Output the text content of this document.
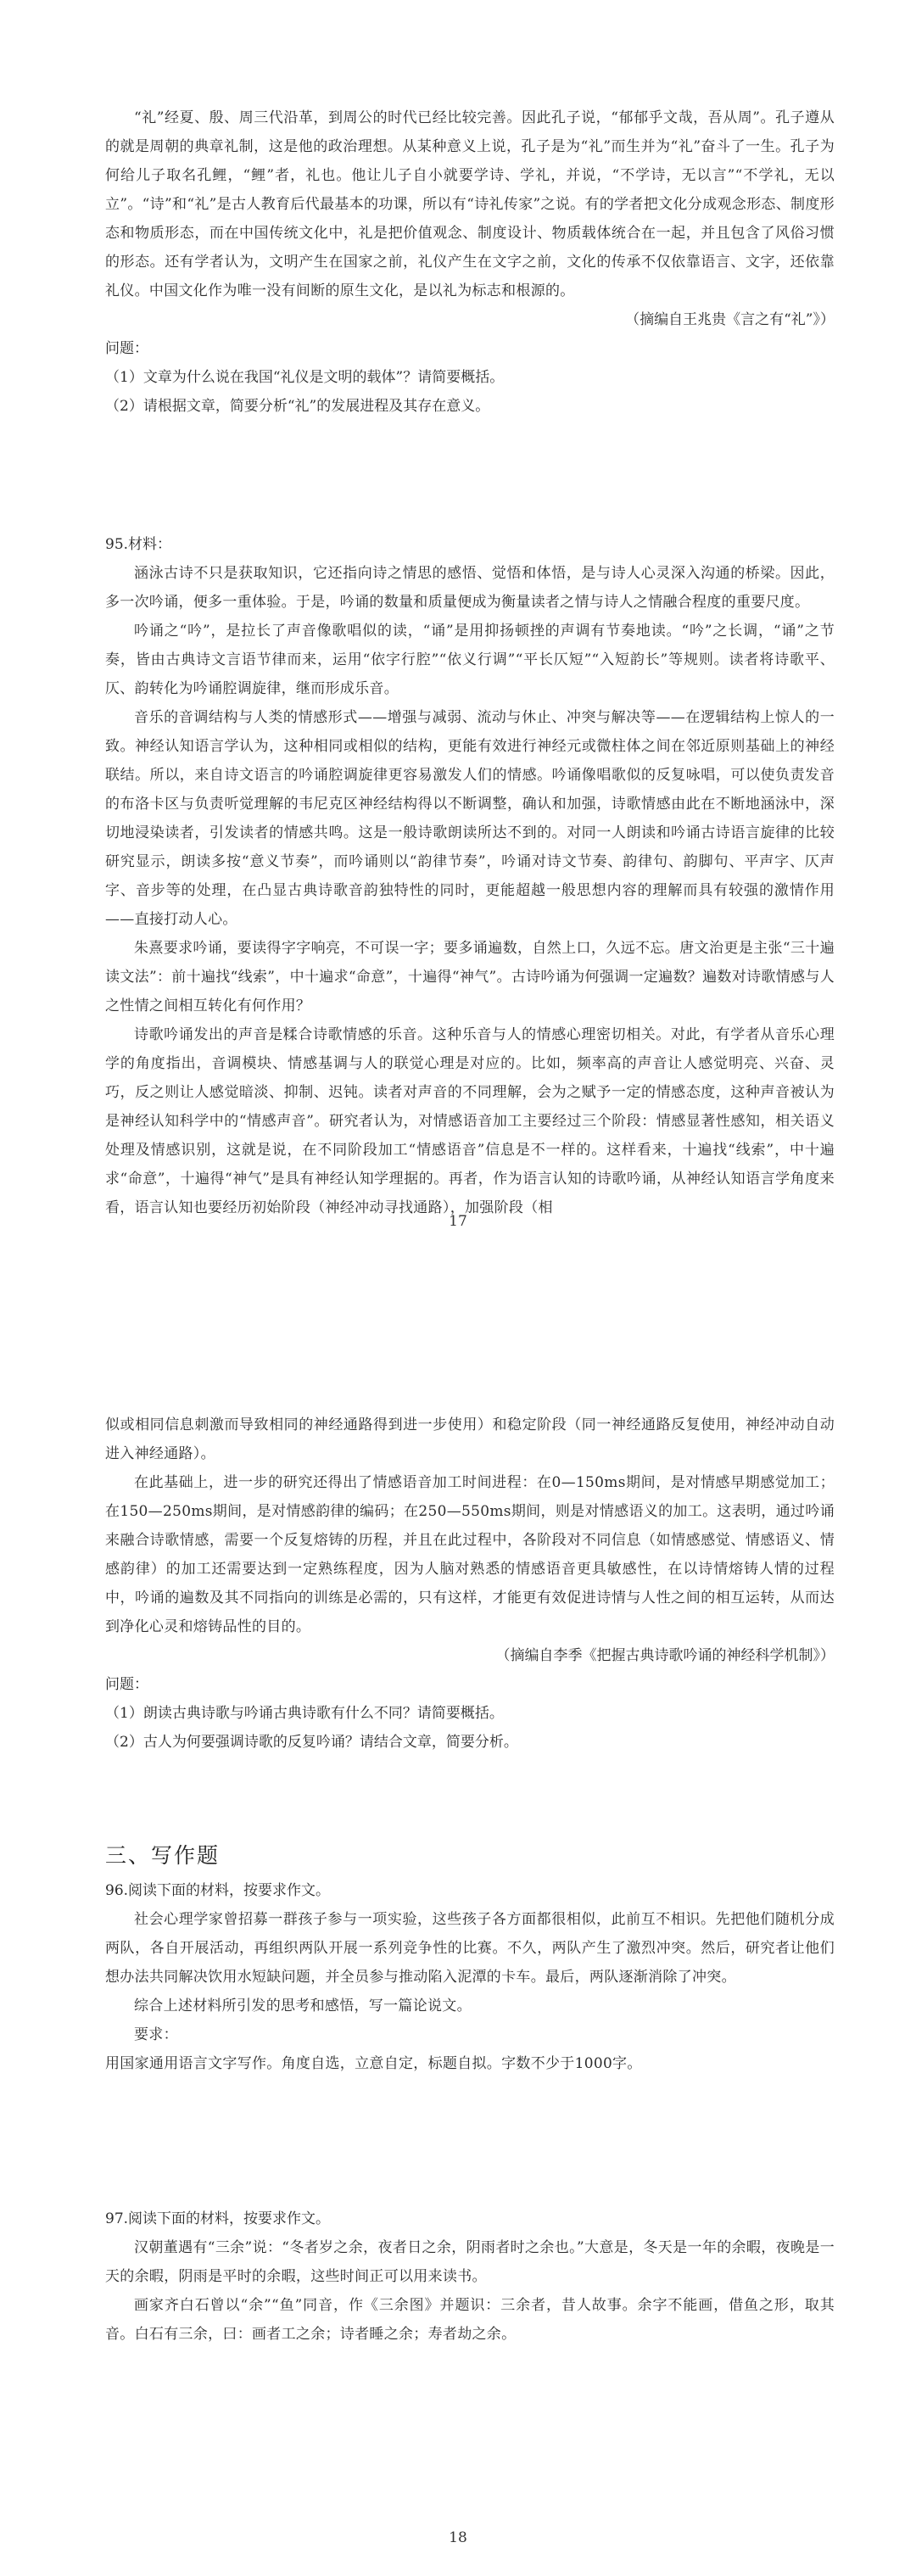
“礼”经夏、殷、周三代沿革，到周公的时代已经比较完善。因此孔子说，“郁郁乎文哉，吾从周”。孔子遵从的就是周朝的典章礼制，这是他的政治理想。从某种意义上说，孔子是为“礼”而生并为“礼”奋斗了一生。孔子为何给儿子取名孔鲤，“鲤”者，礼也。他让儿子自小就要学诗、学礼，并说，“不学诗，无以言”“不学礼，无以立”。“诗”和“礼”是古人教育后代最基本的功课，所以有“诗礼传家”之说。有的学者把文化分成观念形态、制度形态和物质形态，而在中国传统文化中，礼是把价值观念、制度设计、物质载体统合在一起，并且包含了风俗习惯的形态。还有学者认为，文明产生在国家之前，礼仪产生在文字之前，文化的传承不仅依靠语言、文字，还依靠礼仪。中国文化作为唯一没有间断的原生文化，是以礼为标志和根源的。

（摘编自王兆贵《言之有“礼”》）

问题：

（1）文章为什么说在我国“礼仪是文明的载体”？请简要概括。
（2）请根据文章，简要分析“礼”的发展进程及其存在意义。

95.材料：

涵泳古诗不只是获取知识，它还指向诗之情思的感悟、觉悟和体悟，是与诗人心灵深入沟通的桥梁。因此，多一次吟诵，便多一重体验。于是，吟诵的数量和质量便成为衡量读者之情与诗人之情融合程度的重要尺度。

吟诵之“吟”，是拉长了声音像歌唱似的读，“诵”是用抑扬顿挫的声调有节奏地读。“吟”之长调，“诵”之节奏，皆由古典诗文言语节律而来，运用“依字行腔”“依义行调”“平长仄短”“入短韵长”等规则。读者将诗歌平、仄、韵转化为吟诵腔调旋律，继而形成乐音。

音乐的音调结构与人类的情感形式——增强与减弱、流动与休止、冲突与解决等——在逻辑结构上惊人的一致。神经认知语言学认为，这种相同或相似的结构，更能有效进行神经元或微柱体之间在邻近原则基础上的神经联结。所以，来自诗文语言的吟诵腔调旋律更容易激发人们的情感。吟诵像唱歌似的反复咏唱，可以使负责发音的布洛卡区与负责听觉理解的韦尼克区神经结构得以不断调整，确认和加强，诗歌情感由此在不断地涵泳中，深切地浸染读者，引发读者的情感共鸣。这是一般诗歌朗读所达不到的。对同一人朗读和吟诵古诗语言旋律的比较研究显示，朗读多按“意义节奏”，而吟诵则以“韵律节奏”，吟诵对诗文节奏、韵律句、韵脚句、平声字、仄声字、音步等的处理，在凸显古典诗歌音韵独特性的同时，更能超越一般思想内容的理解而具有较强的激情作用——直接打动人心。

朱熹要求吟诵，要读得字字响亮，不可误一字；要多诵遍数，自然上口，久远不忘。唐文治更是主张“三十遍读文法”：前十遍找“线索”，中十遍求“命意”，十遍得“神气”。古诗吟诵为何强调一定遍数？遍数对诗歌情感与人之性情之间相互转化有何作用？

诗歌吟诵发出的声音是糅合诗歌情感的乐音。这种乐音与人的情感心理密切相关。对此，有学者从音乐心理学的角度指出，音调模块、情感基调与人的联觉心理是对应的。比如，频率高的声音让人感觉明亮、兴奋、灵巧，反之则让人感觉暗淡、抑制、迟钝。读者对声音的不同理解，会为之赋予一定的情感态度，这种声音被认为是神经认知科学中的“情感声音”。研究者认为，对情感语音加工主要经过三个阶段：情感显著性感知，相关语义处理及情感识别，这就是说，在不同阶段加工“情感语音”信息是不一样的。这样看来，十遍找“线索”，中十遍求“命意”，十遍得“神气”是具有神经认知学理据的。再者，作为语言认知的诗歌吟诵，从神经认知语言学角度来看，语言认知也要经历初始阶段（神经冲动寻找通路），加强阶段（相

17

似或相同信息刺激而导致相同的神经通路得到进一步使用）和稳定阶段（同一神经通路反复使用，神经冲动自动进入神经通路）。

在此基础上，进一步的研究还得出了情感语音加工时间进程：在0—150ms期间，是对情感早期感觉加工；在150—250ms期间，是对情感韵律的编码；在250—550ms期间，则是对情感语义的加工。这表明，通过吟诵来融合诗歌情感，需要一个反复熔铸的历程，并且在此过程中，各阶段对不同信息（如情感感觉、情感语义、情感韵律）的加工还需要达到一定熟练程度，因为人脑对熟悉的情感语音更具敏感性，在以诗情熔铸人情的过程中，吟诵的遍数及其不同指向的训练是必需的，只有这样，才能更有效促进诗情与人性之间的相互运转，从而达到净化心灵和熔铸品性的目的。

（摘编自李季《把握古典诗歌吟诵的神经科学机制》）

问题：

（1）朗读古典诗歌与吟诵古典诗歌有什么不同？请简要概括。
（2）古人为何要强调诗歌的反复吟诵？请结合文章，简要分析。

三、写作题

96.阅读下面的材料，按要求作文。

社会心理学家曾招募一群孩子参与一项实验，这些孩子各方面都很相似，此前互不相识。先把他们随机分成两队，各自开展活动，再组织两队开展一系列竞争性的比赛。不久，两队产生了激烈冲突。然后，研究者让他们想办法共同解决饮用水短缺问题，并全员参与推动陷入泥潭的卡车。最后，两队逐渐消除了冲突。

综合上述材料所引发的思考和感悟，写一篇论说文。

要求：

用国家通用语言文字写作。角度自选，立意自定，标题自拟。字数不少于1000字。

97.阅读下面的材料，按要求作文。

汉朝董遇有“三余”说：“冬者岁之余，夜者日之余，阴雨者时之余也。”大意是，冬天是一年的余暇，夜晚是一天的余暇，阴雨是平时的余暇，这些时间正可以用来读书。

画家齐白石曾以“余”“鱼”同音，作《三余图》并题识：三余者，昔人故事。余字不能画，借鱼之形，取其音。白石有三余，曰：画者工之余；诗者睡之余；寿者劫之余。

18
